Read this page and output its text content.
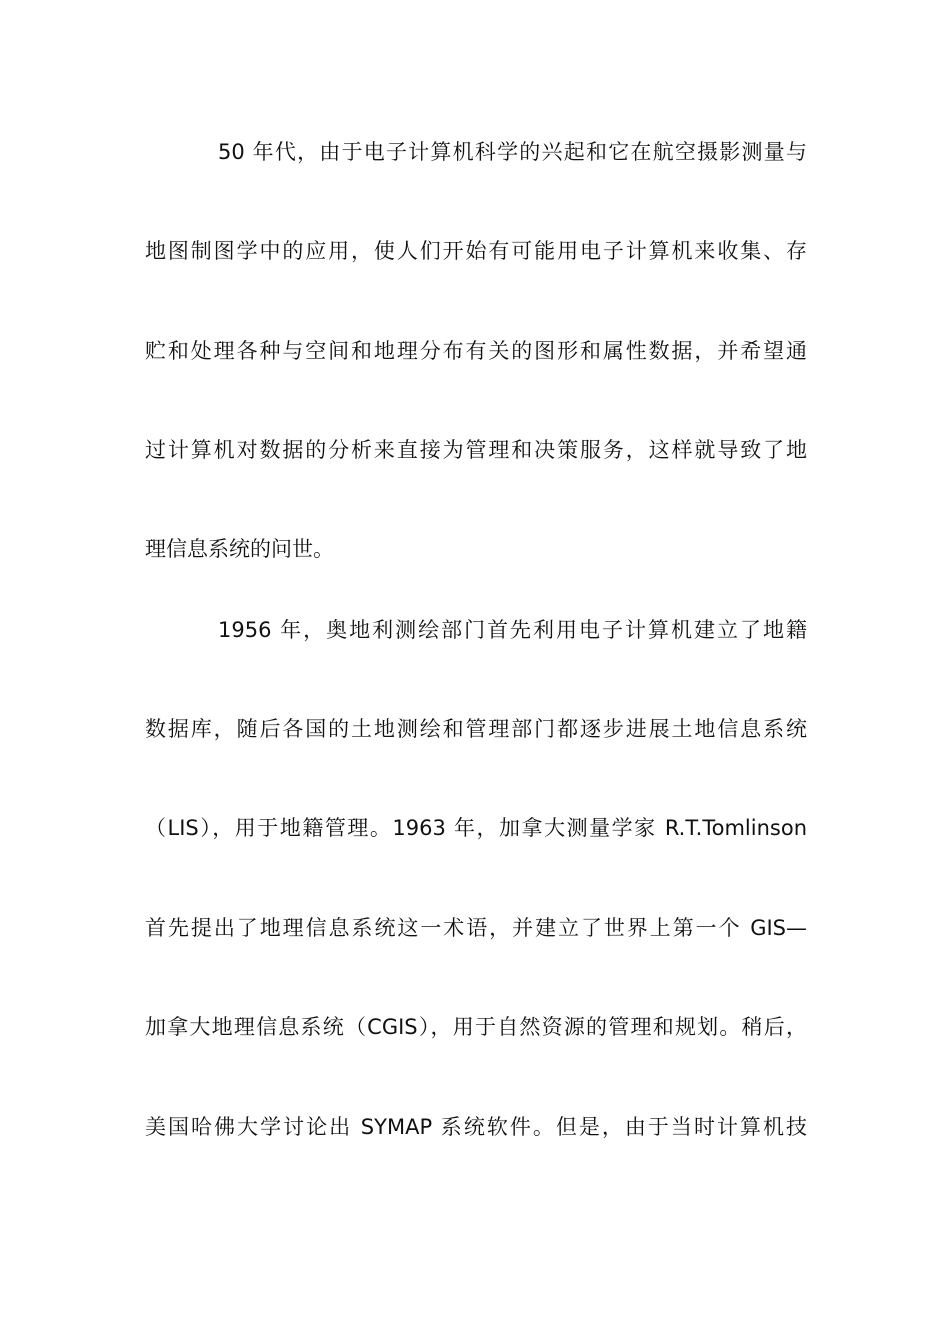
50 年代，由于电子计算机科学的兴起和它在航空摄影测量与
地图制图学中的应用，使人们开始有可能用电子计算机来收集、存
贮和处理各种与空间和地理分布有关的图形和属性数据，并希望通
过计算机对数据的分析来直接为管理和决策服务，这样就导致了地
理信息系统的问世。
1956 年，奥地利测绘部门首先利用电子计算机建立了地籍
数据库，随后各国的土地测绘和管理部门都逐步进展土地信息系统
（LIS），用于地籍管理。1963 年，加拿大测量学家 R.T.Tomlinson
首先提出了地理信息系统这一术语，并建立了世界上第一个 GIS—
加拿大地理信息系统（CGIS），用于自然资源的管理和规划。稍后，
美国哈佛大学讨论出 SYMAP 系统软件。但是，由于当时计算机技
